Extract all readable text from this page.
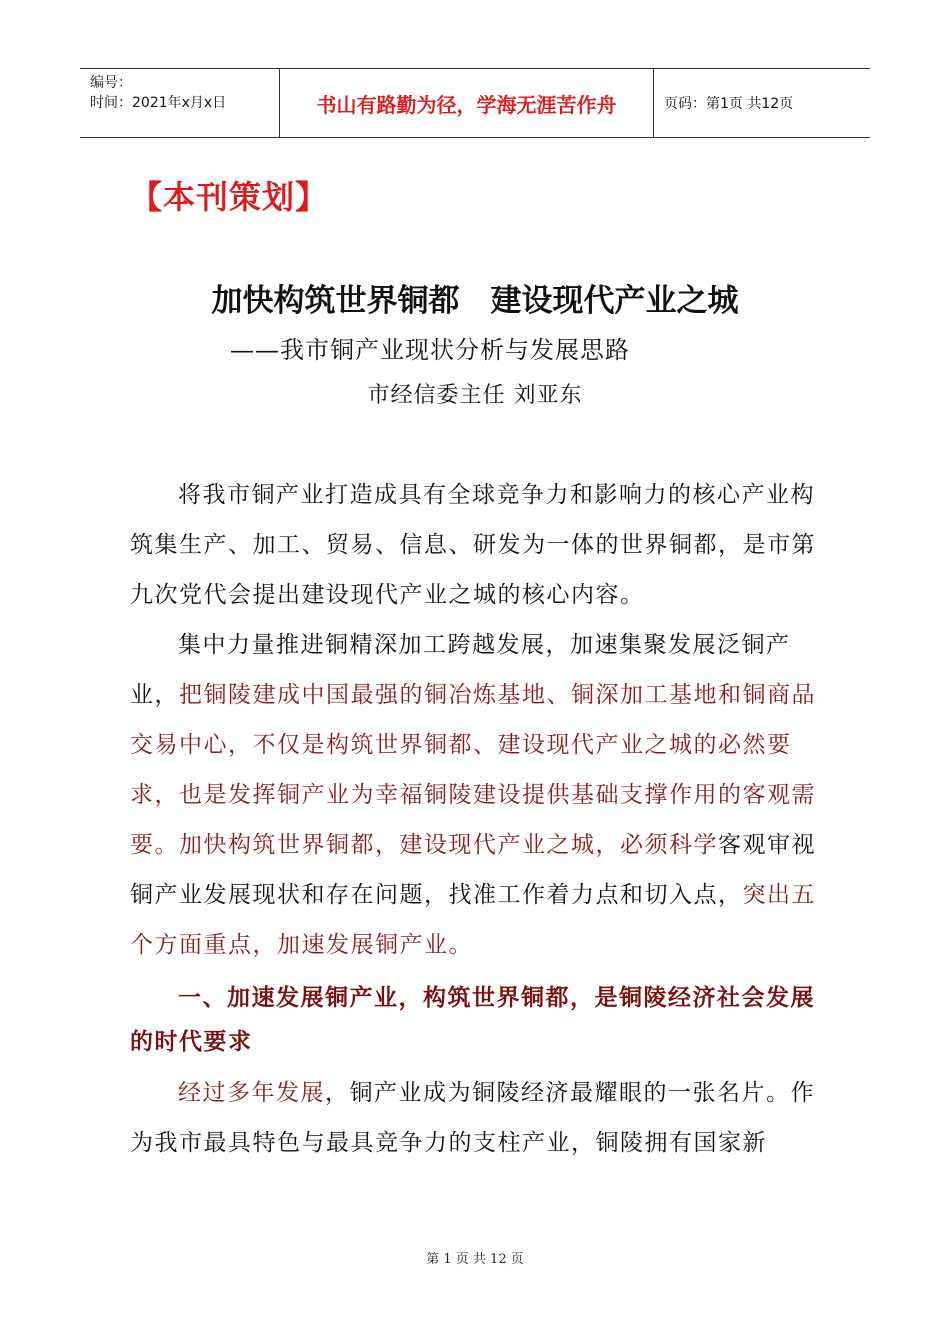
编号：
时间：2021年x月x日	书山有路勤为径，学海无涯苦作舟	页码：第1页 共12页
【本刊策划】
加快构筑世界铜都　建设现代产业之城
——我市铜产业现状分析与发展思路
市经信委主任 刘亚东

将我市铜产业打造成具有全球竞争力和影响力的核心产业构筑集生产、加工、贸易、信息、研发为一体的世界铜都，是市第九次党代会提出建设现代产业之城的核心内容。

集中力量推进铜精深加工跨越发展，加速集聚发展泛铜产业，把铜陵建成中国最强的铜冶炼基地、铜深加工基地和铜商品交易中心，不仅是构筑世界铜都、建设现代产业之城的必然要求，也是发挥铜产业为幸福铜陵建设提供基础支撑作用的客观需要。加快构筑世界铜都，建设现代产业之城，必须科学客观审视铜产业发展现状和存在问题，找准工作着力点和切入点，突出五个方面重点，加速发展铜产业。

一、加速发展铜产业，构筑世界铜都，是铜陵经济社会发展的时代要求

经过多年发展，铜产业成为铜陵经济最耀眼的一张名片。作为我市最具特色与最具竞争力的支柱产业，铜陵拥有国家新

第 1 页 共 12 页
